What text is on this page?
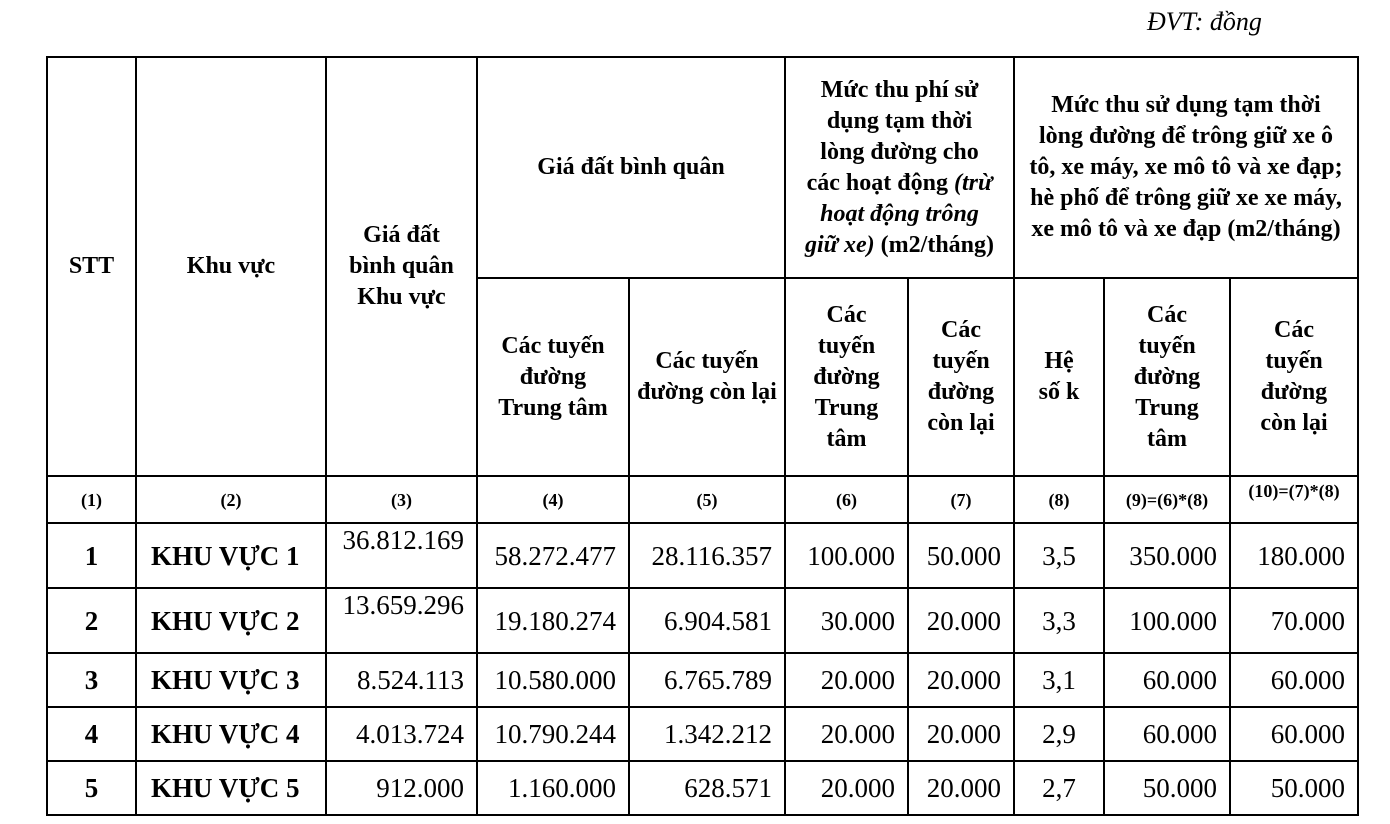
ĐVT: đồng
STT	Khu vực	Giá đất bình quân Khu vực	Giá đất bình quân		Mức thu phí sử dụng tạm thời lòng đường cho các hoạt động (trừ hoạt động trông giữ xe) (m2/tháng)		Mức thu sử dụng tạm thời lòng đường để trông giữ xe ô tô, xe máy, xe mô tô và xe đạp; hè phố để trông giữ xe xe máy, xe mô tô và xe đạp (m2/tháng)		
			Các tuyến đường Trung tâm	Các tuyến đường còn lại	Các tuyến đường Trung tâm	Các tuyến đường còn lại	Hệ số k	Các tuyến đường Trung tâm	Các tuyến đường còn lại
(1)	(2)	(3)	(4)	(5)	(6)	(7)	(8)	(9)=(6)*(8)	(10)=(7)*(8)
1	KHU VỰC 1	36.812.169	58.272.477	28.116.357	100.000	50.000	3,5	350.000	180.000
2	KHU VỰC 2	13.659.296	19.180.274	6.904.581	30.000	20.000	3,3	100.000	70.000
3	KHU VỰC 3	8.524.113	10.580.000	6.765.789	20.000	20.000	3,1	60.000	60.000
4	KHU VỰC 4	4.013.724	10.790.244	1.342.212	20.000	20.000	2,9	60.000	60.000
5	KHU VỰC 5	912.000	1.160.000	628.571	20.000	20.000	2,7	50.000	50.000
